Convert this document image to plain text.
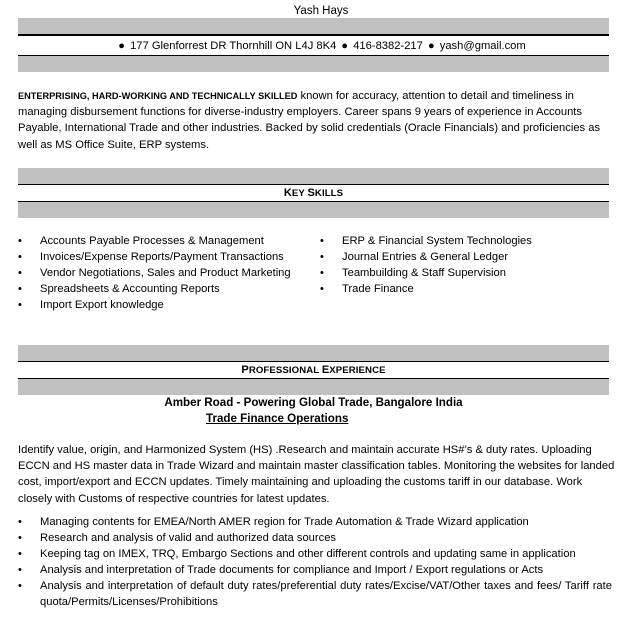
Yash Hays
● 177 Glenforrest DR Thornhill ON L4J 8K4 ● 416-8382-217 ● yash@gmail.com
ENTERPRISING, HARD-WORKING AND TECHNICALLY SKILLED known for accuracy, attention to detail and timeliness in managing disbursement functions for diverse-industry employers. Career spans 9 years of experience in Accounts Payable, International Trade and other industries. Backed by solid credentials (Oracle Financials) and proficiencies as well as MS Office Suite, ERP systems.
KEY SKILLS
•	Accounts Payable Processes & Management
•	Invoices/Expense Reports/Payment Transactions
•	Vendor Negotiations, Sales and Product Marketing
•	Spreadsheets & Accounting Reports
•	Import Export knowledge
•	ERP & Financial System Technologies
•	Journal Entries & General Ledger
•	Teambuilding & Staff Supervision
•	Trade Finance
PROFESSIONAL EXPERIENCE
Amber Road - Powering Global Trade, Bangalore India
Trade Finance Operations
Identify value, origin, and Harmonized System (HS) .Research and maintain accurate HS#’s & duty rates. Uploading ECCN and HS master data in Trade Wizard and maintain master classification tables. Monitoring the websites for landed cost, import/export and ECCN updates. Timely maintaining and uploading the customs tariff in our database. Work closely with Customs of respective countries for latest updates.
•	Managing contents for EMEA/North AMER region for Trade Automation & Trade Wizard application
•	Research and analysis of valid and authorized data sources
•	Keeping tag on IMEX, TRQ, Embargo Sections and other different controls and updating same in application
•	Analysis and interpretation of Trade documents for compliance and Import / Export regulations or Acts
•	Analysis and interpretation of default duty rates/preferential duty rates/Excise/VAT/Other taxes and fees/ Tariff rate quota/Permits/Licenses/Prohibitions
